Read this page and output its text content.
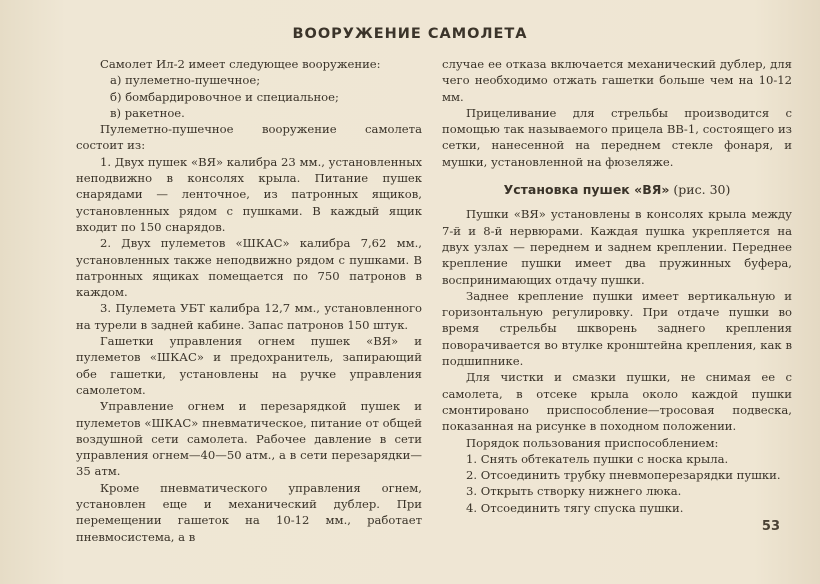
ВООРУЖЕНИЕ САМОЛЕТА

Самолет Ил-2 имеет следующее вооружение:

а) пулеметно-пушечное;

б) бомбардировочное и специальное;

в) ракетное.

Пулеметно-пушечное вооружение самолета состоит из:

1. Двух пушек «ВЯ» калибра 23 мм., установленных неподвижно в консолях крыла. Питание пушек снарядами — ленточное, из патронных ящиков, установленных рядом с пушками. В каждый ящик входит по 150 снарядов.

2. Двух пулеметов «ШКАС» калибра 7,62 мм., установленных также неподвижно рядом с пушками. В патронных ящиках помещается по 750 патронов в каждом.

3. Пулемета УБТ калибра 12,7 мм., установленного на турели в задней кабине. Запас патронов 150 штук.

Гашетки управления огнем пушек «ВЯ» и пулеметов «ШКАС» и предохранитель, запирающий обе гашетки, установлены на ручке управления самолетом.

Управление огнем и перезарядкой пушек и пулеметов «ШКАС» пневматическое, питание от общей воздушной сети самолета. Рабочее давление в сети управления огнем—40—50 атм., а в сети перезарядки—35 атм.

Кроме пневматического управления огнем, установлен еще и механический дублер. При перемещении гашеток на 10-12 мм., работает пневмосистема, а в

случае ее отказа включается механический дублер, для чего необходимо отжать гашетки больше чем на 10-12 мм.

Прицеливание для стрельбы производится с помощью так называемого прицела ВВ-1, состоящего из сетки, нанесенной на переднем стекле фонаря, и мушки, установленной на фюзеляже.

Установка пушек «ВЯ» (рис. 30)

Пушки «ВЯ» установлены в консолях крыла между 7-й и 8-й нервюрами. Каждая пушка укрепляется на двух узлах — переднем и заднем креплении. Переднее крепление пушки имеет два пружинных буфера, воспринимающих отдачу пушки.

Заднее крепление пушки имеет вертикальную и горизонтальную регулировку. При отдаче пушки во время стрельбы шкворень заднего крепления поворачивается во втулке кронштейна крепления, как в подшипнике.

Для чистки и смазки пушки, не снимая ее с самолета, в отсеке крыла около каждой пушки смонтировано приспособление—тросовая подвеска, показанная на рисунке в походном положении.

Порядок пользования приспособлением:

1. Снять обтекатель пушки с носка крыла.

2. Отсоединить трубку пневмоперезарядки пушки.

3. Открыть створку нижнего люка.

4. Отсоединить тягу спуска пушки.

53
